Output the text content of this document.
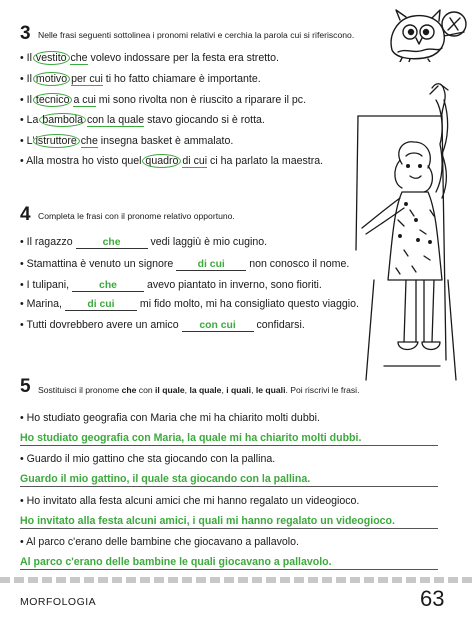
3 Nelle frasi seguenti sottolinea i pronomi relativi e cerchia la parola cui si riferiscono.
• Il vestito che volevo indossare per la festa era stretto.
• Il motivo per cui ti ho fatto chiamare è importante.
• Il tecnico a cui mi sono rivolta non è riuscito a riparare il pc.
• La bambola con la quale stavo giocando si è rotta.
• L'istruttore che insegna basket è ammalato.
• Alla mostra ho visto quel quadro di cui ci ha parlato la maestra.
4 Completa le frasi con il pronome relativo opportuno.
• Il ragazzo	che	vedi laggiù è mio cugino.
• Stamattina è venuto un signore di cui non conosco il nome.
• I tulipani,	che	avevo piantato in inverno, sono fioriti.
• Marina, di cui mi fido molto, mi ha consigliato questo viaggio.
• Tutti dovrebbero avere un amico con cui confidarsi.
5 Sostituisci il pronome che con il quale, la quale, i quali, le quali. Poi riscrivi le frasi.
• Ho studiato geografia con Maria che mi ha chiarito molti dubbi.
Ho studiato geografia con Maria, la quale mi ha chiarito molti dubbi.
• Guardo il mio gattino che sta giocando con la pallina.
Guardo il mio gattino, il quale sta giocando con la pallina.
• Ho invitato alla festa alcuni amici che mi hanno regalato un videogioco.
Ho invitato alla festa alcuni amici, i quali mi hanno regalato un videogioco.
• Al parco c'erano delle bambine che giocavano a pallavolo.
Al parco c'erano delle bambine le quali giocavano a pallavolo.
MORFOLOGIA	63
